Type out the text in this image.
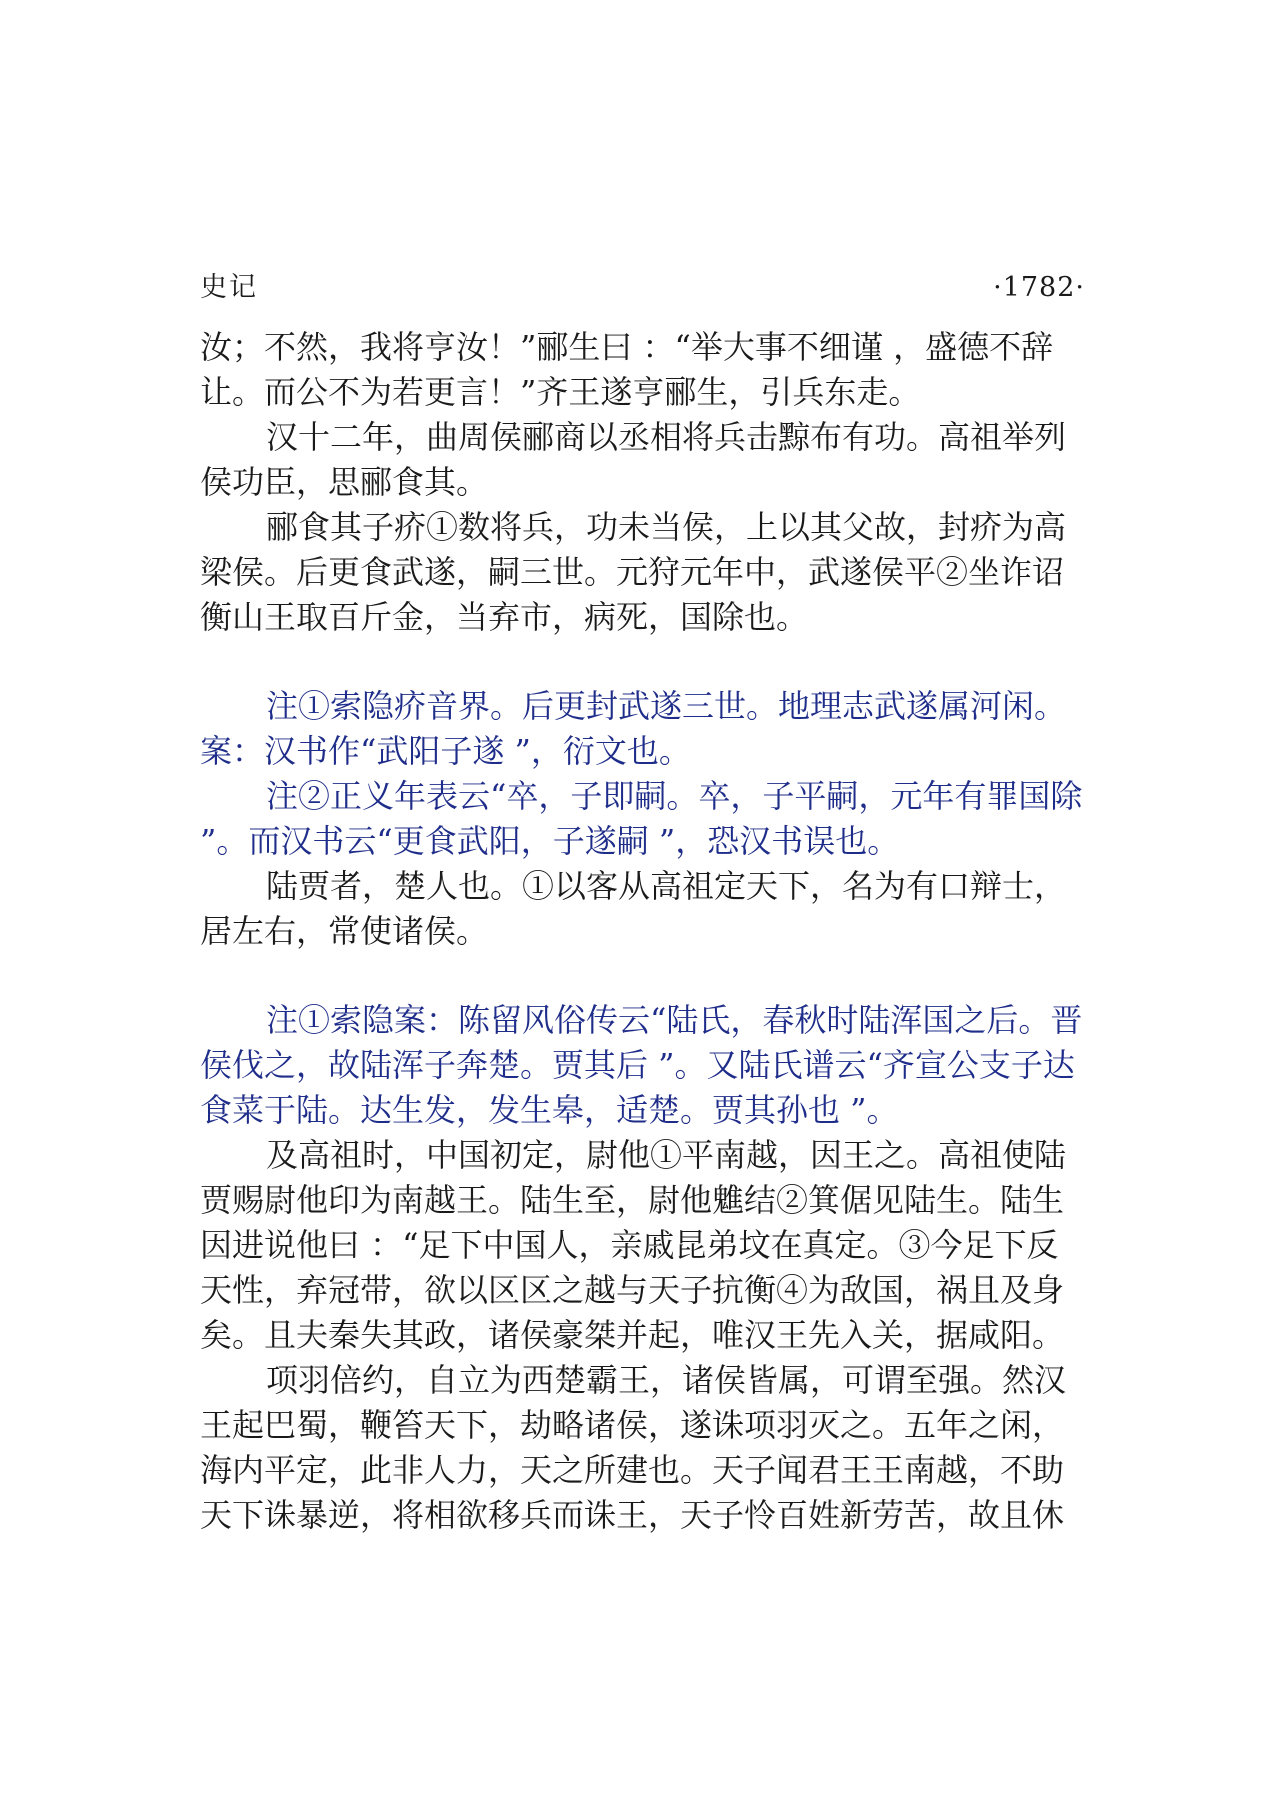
史记	·1782·

汝；不然，我将亨汝！”郦生曰 ：“举大事不细谨 ，盛德不辞让。而公不为若更言！”齐王遂亨郦生，引兵东走。

汉十二年，曲周侯郦商以丞相将兵击黥布有功。高祖举列侯功臣，思郦食其。

郦食其子疥①数将兵，功未当侯，上以其父故，封疥为高梁侯。后更食武遂，嗣三世。元狩元年中，武遂侯平②坐诈诏衡山王取百斤金，当弃市，病死，国除也。

注①索隐疥音界。后更封武遂三世。地理志武遂属河闲。案：汉书作“武阳子遂 ”，衍文也。

注②正义年表云“卒，子即嗣。卒，子平嗣，元年有罪国除 ”。而汉书云“更食武阳，子遂嗣 ”，恐汉书误也。

陆贾者，楚人也。①以客从高祖定天下，名为有口辩士，居左右，常使诸侯。

注①索隐案：陈留风俗传云“陆氏，春秋时陆浑国之后。晋侯伐之，故陆浑子奔楚。贾其后 ”。又陆氏谱云“齐宣公支子达食菜于陆。达生发，发生皋，适楚。贾其孙也 ”。

及高祖时，中国初定，尉他①平南越，因王之。高祖使陆贾赐尉他印为南越王。陆生至，尉他魋结②箕倨见陆生。陆生因进说他曰 ：“足下中国人，亲戚昆弟坟在真定。③今足下反天性，弃冠带，欲以区区之越与天子抗衡④为敌国，祸且及身矣。且夫秦失其政，诸侯豪桀并起，唯汉王先入关，据咸阳。

项羽倍约，自立为西楚霸王，诸侯皆属，可谓至强。然汉王起巴蜀，鞭笞天下，劫略诸侯，遂诛项羽灭之。五年之闲，海内平定，此非人力，天之所建也。天子闻君王王南越，不助天下诛暴逆，将相欲移兵而诛王，天子怜百姓新劳苦，故且休
